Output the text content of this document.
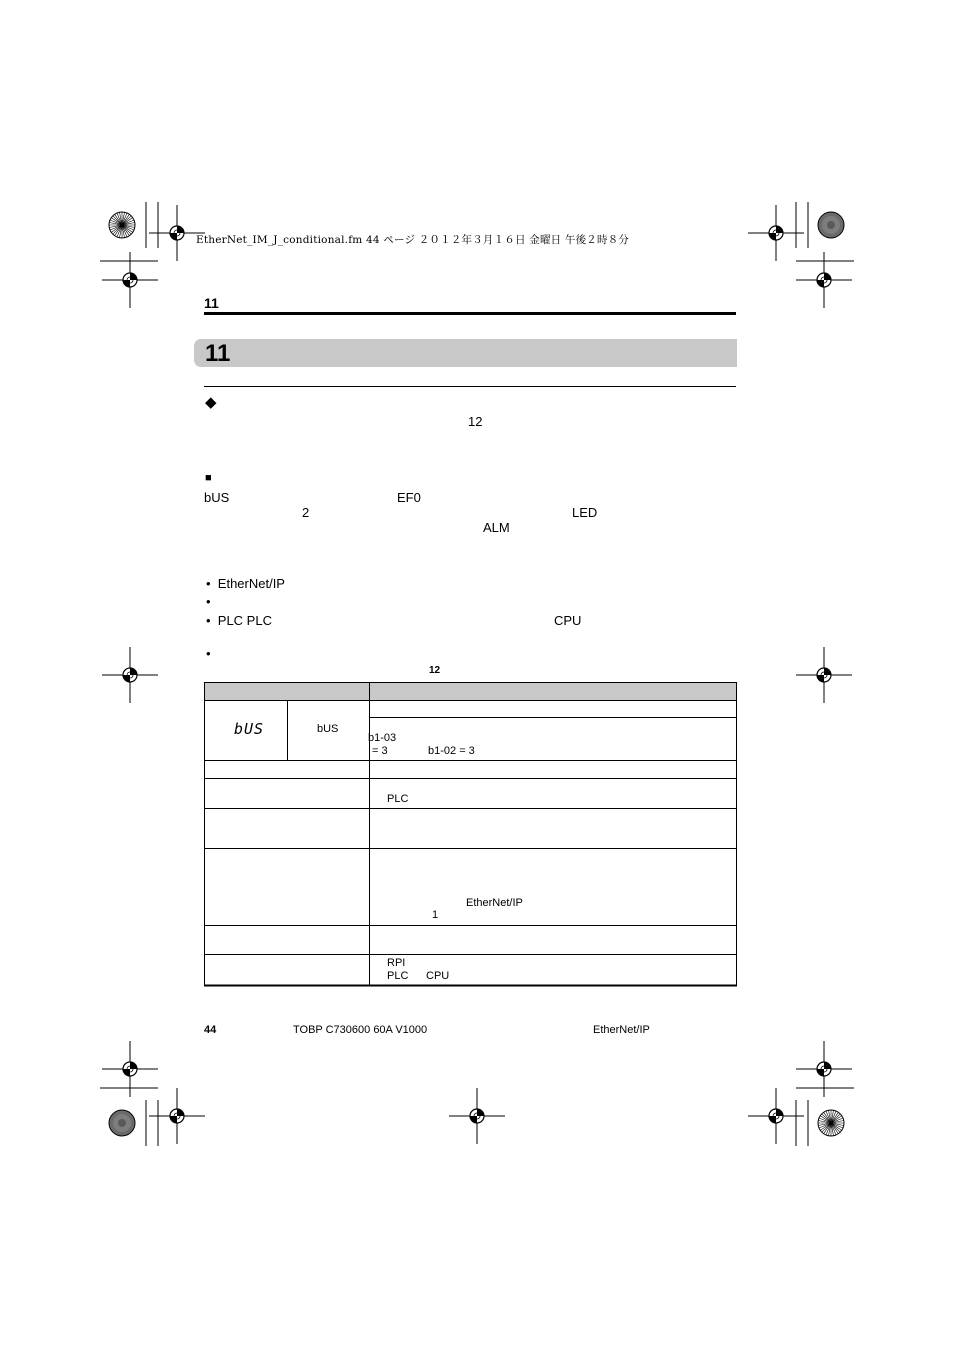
EtherNet_IM_J_conditional.fm 44 ページ ２０１２年３月１６日 金曜日 午後２時８分
11
11
◆
12
■
bUS	EF0
2	LED
ALM
•  EtherNet/IP
•
•  PLC PLC	CPU
•
12
bUS	bUS
b1-03
= 3	b1-02 = 3
PLC
EtherNet/IP
1
RPI
PLC CPU
44	TOBP C730600 60A V1000	EtherNet/IP
